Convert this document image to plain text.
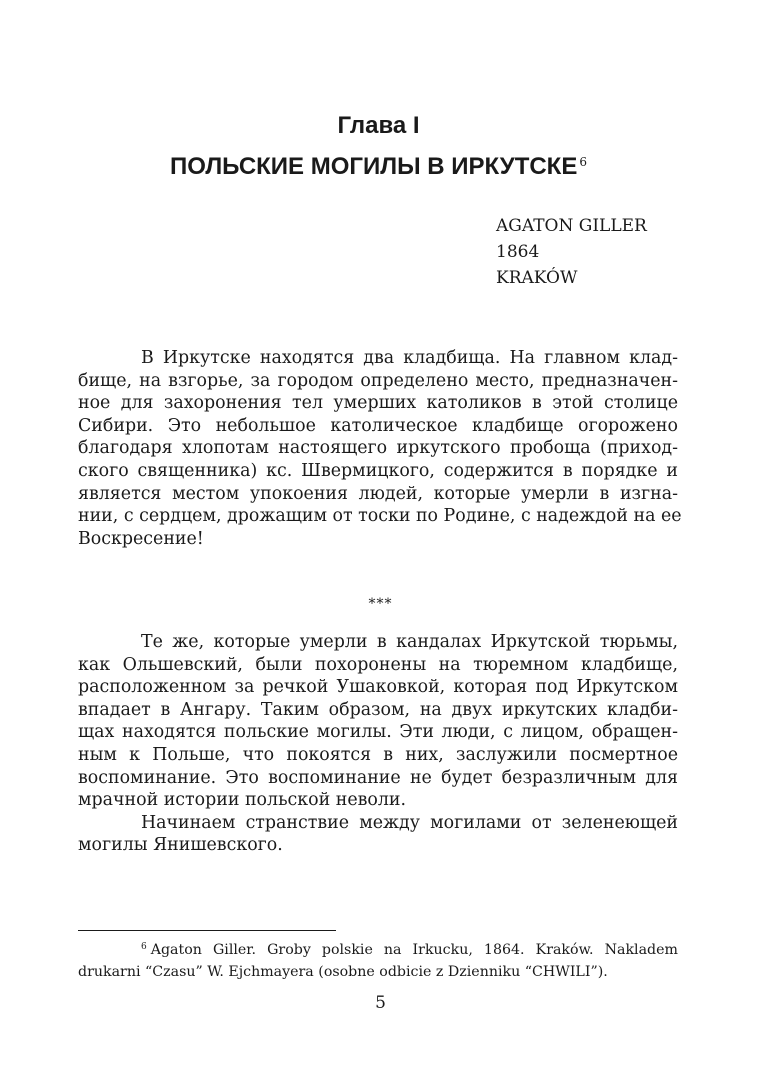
Глава I
ПОЛЬСКИЕ МОГИЛЫ В ИРКУТСКЕ $^6$
AGATON GILLER
1864
KRAKÓW
В Иркутске находятся два кладбища. На главном клад-
бище, на взгорье, за городом определено место, предназначен-
ное для захоронения тел умерших католиков в этой столице
Сибири. Это небольшое католическое кладбище огорожено
благодаря хлопотам настоящего иркутского пробоща (приход-
ского священника) кс. Швермицкого, содержится в порядке и
является местом упокоения людей, которые умерли в изгна-
нии, с сердцем, дрожащим от тоски по Родине, с надеждой на ее
Воскресение!
***
Те же, которые умерли в кандалах Иркутской тюрьмы,
как Ольшевский, были похоронены на тюремном кладбище,
расположенном за речкой Ушаковкой, которая под Иркутском
впадает в Ангару. Таким образом, на двух иркутских кладби-
щах находятся польские могилы. Эти люди, с лицом, обращен-
ным к Польше, что покоятся в них, заслужили посмертное
воспоминание. Это воспоминание не будет безразличным для
мрачной истории польской неволи.
Начинаем странствие между могилами от зеленеющей
могилы Янишевского.
$^6$ Agaton Giller. Groby polskie na Irkucku, 1864. Kraków. Nakladem
drukarni “Czasu” W. Ejchmayera (osobne odbicie z Dzienniku “CHWILI”).
5
